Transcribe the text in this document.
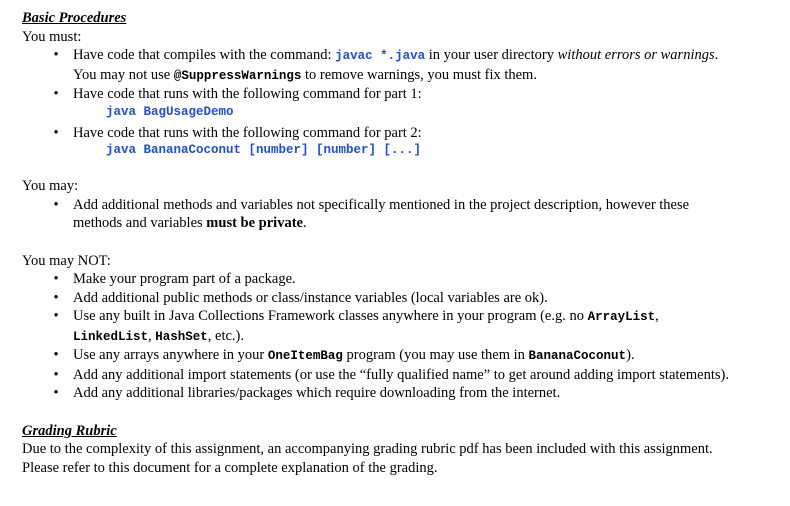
Basic Procedures
You must:
• Have code that compiles with the command: javac *.java in your user directory without errors or warnings.
You may not use @SuppressWarnings to remove warnings, you must fix them.
• Have code that runs with the following command for part 1:
java BagUsageDemo
• Have code that runs with the following command for part 2:
java BananaCoconut [number] [number] [...]
You may:
• Add additional methods and variables not specifically mentioned in the project description, however these
methods and variables must be private.
You may NOT:
• Make your program part of a package.
• Add additional public methods or class/instance variables (local variables are ok).
• Use any built in Java Collections Framework classes anywhere in your program (e.g. no ArrayList,
LinkedList, HashSet, etc.).
• Use any arrays anywhere in your OneItemBag program (you may use them in BananaCoconut).
• Add any additional import statements (or use the “fully qualified name” to get around adding import statements).
• Add any additional libraries/packages which require downloading from the internet.
Grading Rubric
Due to the complexity of this assignment, an accompanying grading rubric pdf has been included with this assignment.
Please refer to this document for a complete explanation of the grading.
